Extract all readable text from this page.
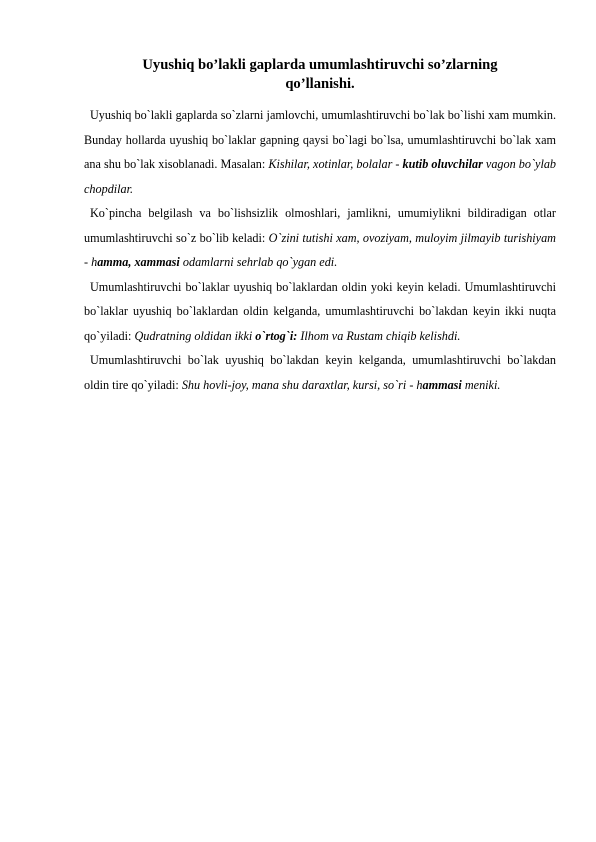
Uyushiq bo’lakli gaplarda umumlashtiruvchi so’zlarning
qo’llanishi.

Uyushiq bo`lakli gaplarda so`zlarni jamlovchi, umumlashtiruvchi bo`lak bo`lishi xam mumkin. Bunday hollarda uyushiq bo`laklar gapning qaysi bo`lagi bo`lsa, umumlashtiruvchi bo`lak xam ana shu bo`lak xisoblanadi. Masalan: Kishilar, xotinlar, bolalar - kutib oluvchilar vagon bo`ylab chopdilar.

Ko`pincha belgilash va bo`lishsizlik olmoshlari, jamlikni, umumiylikni bildiradigan otlar umumlashtiruvchi so`z bo`lib keladi: O`zini tutishi xam, ovoziyam, muloyim jilmayib turishiyam - hamma, xammasi odamlarni sehrlab qo`ygan edi.

Umumlashtiruvchi bo`laklar uyushiq bo`laklardan oldin yoki keyin keladi. Umumlashtiruvchi bo`laklar uyushiq bo`laklardan oldin kelganda, umumlashtiruvchi bo`lakdan keyin ikki nuqta qo`yiladi: Qudratning oldidan ikki o`rtog`i: Ilhom va Rustam chiqib kelishdi.

Umumlashtiruvchi bo`lak uyushiq bo`lakdan keyin kelganda, umumlashtiruvchi bo`lakdan oldin tire qo`yiladi: Shu hovli-joy, mana shu daraxtlar, kursi, so`ri - hammasi meniki.
